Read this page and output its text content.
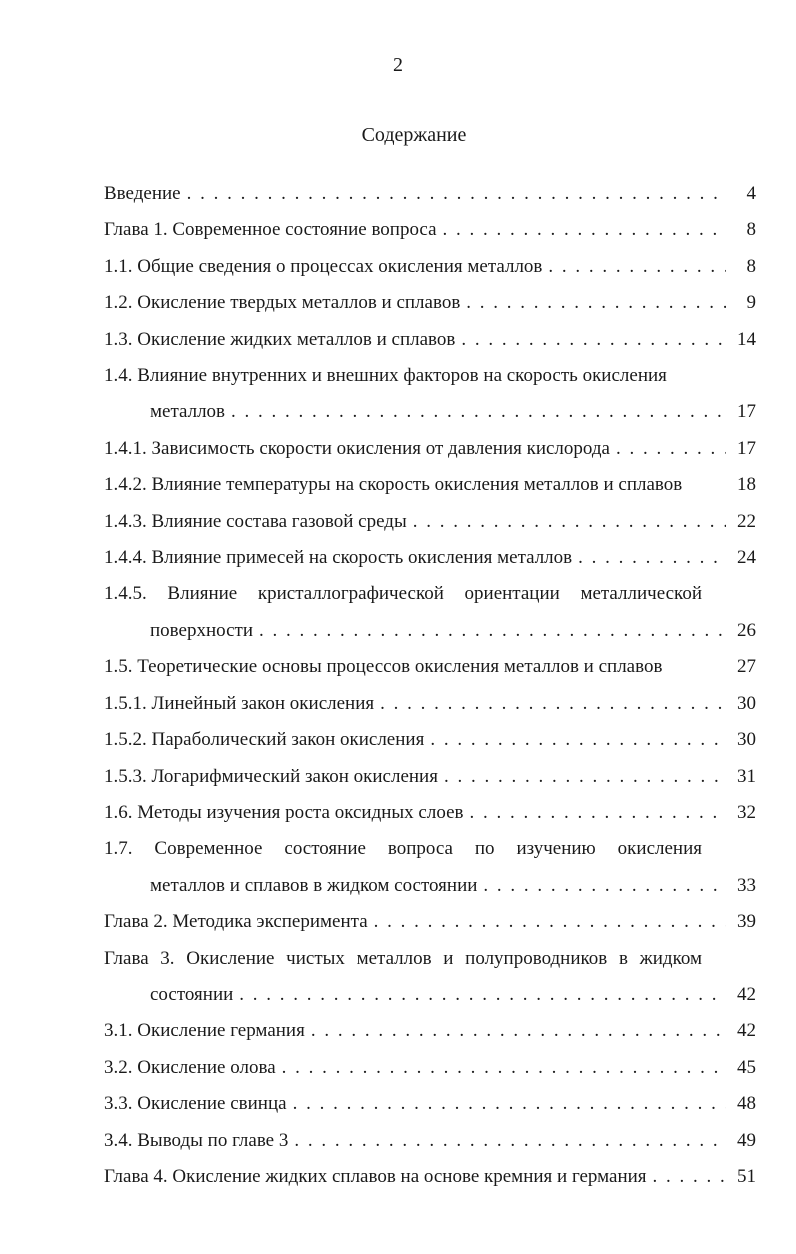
2
Содержание
Введение . . .	4
Глава 1. Современное состояние вопроса . . .	8
1.1. Общие сведения о процессах окисления металлов . . .	8
1.2. Окисление твердых металлов и сплавов . . .	9
1.3. Окисление жидких металлов и сплавов . . .	14
1.4. Влияние внутренних и внешних факторов на скорость окисления
металлов . . .	17
1.4.1. Зависимость скорости окисления от давления кислорода . . .	17
1.4.2. Влияние температуры на скорость окисления металлов и сплавов	18
1.4.3. Влияние состава газовой среды . . .	22
1.4.4. Влияние примесей на скорость окисления металлов . . .	24
1.4.5. Влияние кристаллографической ориентации металлической
поверхности . . .	26
1.5. Теоретические основы процессов окисления металлов и сплавов	27
1.5.1. Линейный закон окисления . . .	30
1.5.2. Параболический закон окисления . . .	30
1.5.3. Логарифмический закон окисления . . .	31
1.6. Методы изучения роста оксидных слоев . . .	32
1.7. Современное состояние вопроса по изучению окисления
металлов и сплавов в жидком состоянии . . .	33
Глава 2. Методика эксперимента . . .	39
Глава 3. Окисление чистых металлов и полупроводников в жидком
состоянии . . .	42
3.1. Окисление германия . . .	42
3.2. Окисление олова . . .	45
3.3. Окисление свинца . . .	48
3.4. Выводы по главе 3 . . .	49
Глава 4. Окисление жидких сплавов на основе кремния и германия . . .	51
